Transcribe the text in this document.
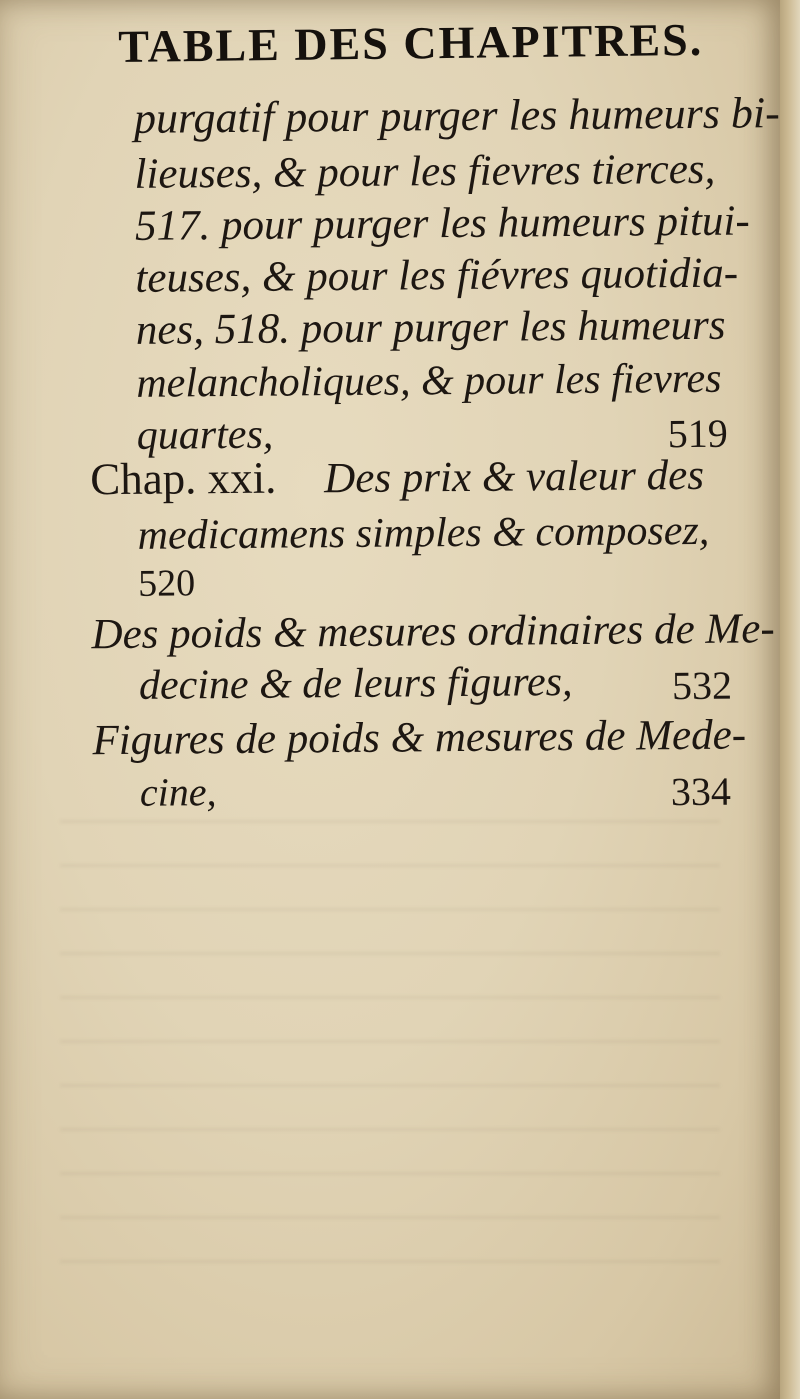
TABLE DES CHAPITRES.
purgatif pour purger les humeurs bi-
lieuses, & pour les fievres tierces,
517. pour purger les humeurs pitui-
teuses, & pour les fiévres quotidia-
nes, 518. pour purger les humeurs
melancholiques, & pour les fievres
quartes,	519
Chap. xxi. Des prix & valeur des
medicamens simples & composez,
520
Des poids & mesures ordinaires de Me-
decine & de leurs figures, 532
Figures de poids & mesures de Mede-
cine,	334
